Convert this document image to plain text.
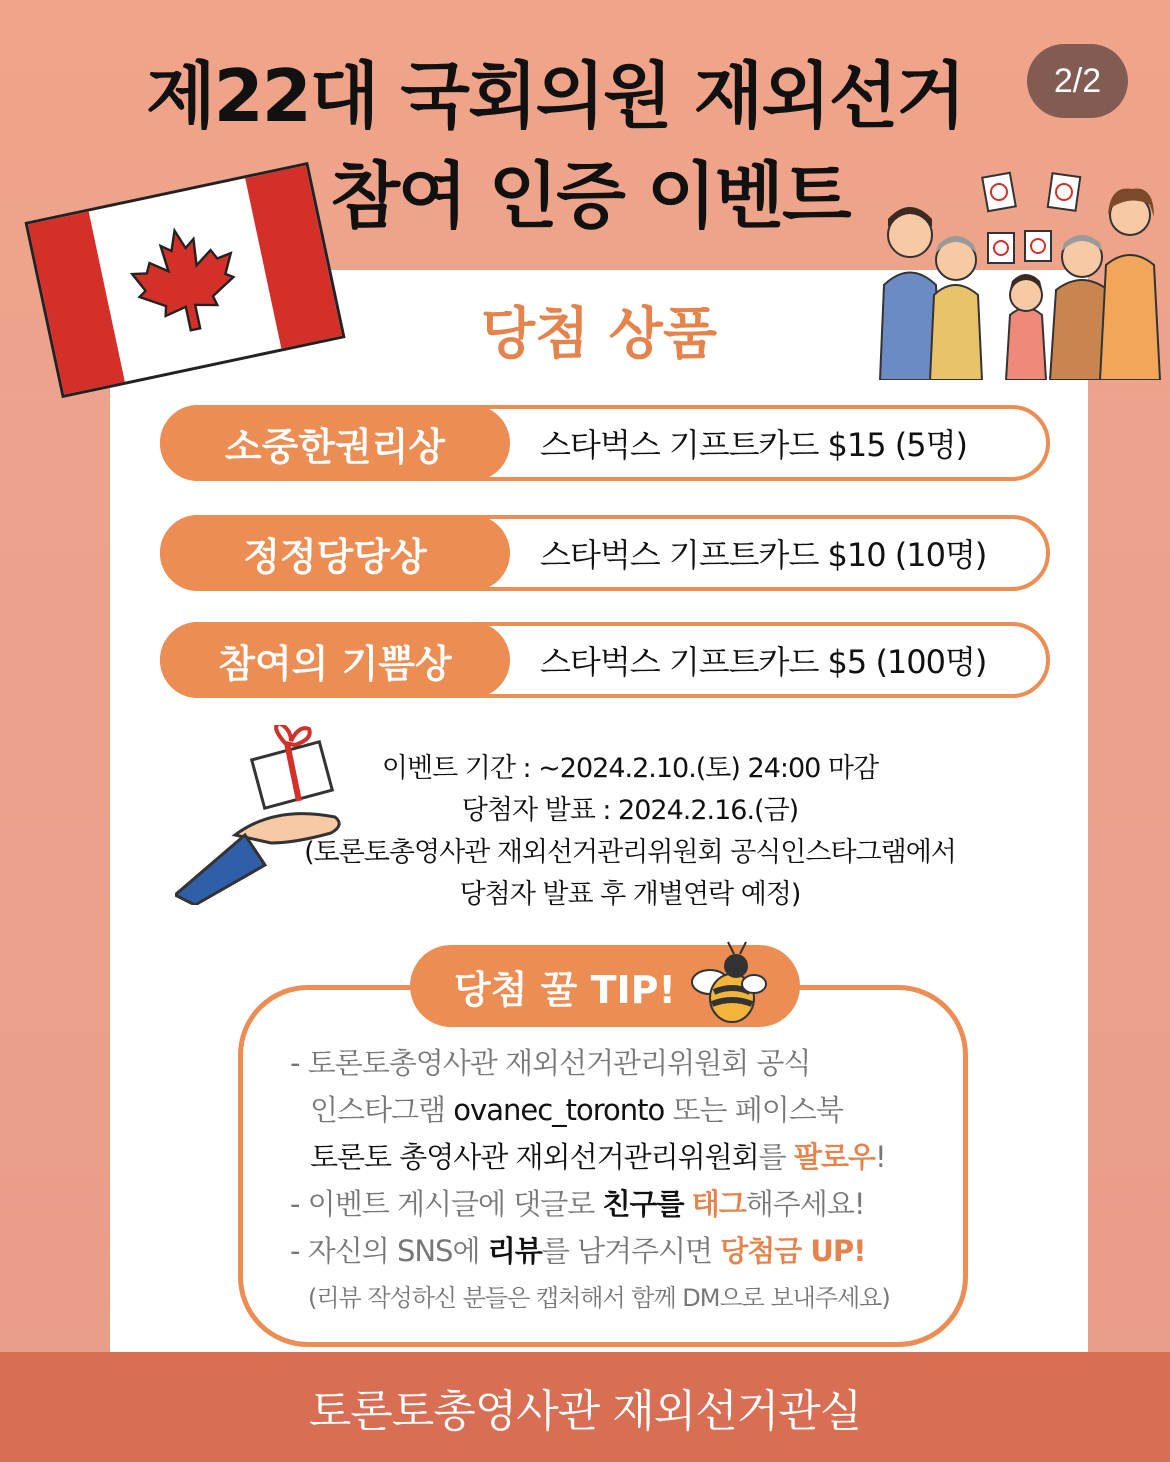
제22대 국회의원 재외선거
참여 인증 이벤트
2/2
당첨 상품
소중한권리상	스타벅스 기프트카드 $15 (5명)
정정당당상	스타벅스 기프트카드 $10 (10명)
참여의 기쁨상	스타벅스 기프트카드 $5 (100명)
이벤트 기간 : ~2024.2.10.(토) 24:00 마감
당첨자 발표 : 2024.2.16.(금)
(토론토총영사관 재외선거관리위원회 공식인스타그램에서
당첨자 발표 후 개별연락 예정)
당첨 꿀 TIP!
- 토론토총영사관 재외선거관리위원회 공식
인스타그램 ovanec_toronto 또는 페이스북
토론토 총영사관 재외선거관리위원회를 팔로우!
- 이벤트 게시글에 댓글로 친구를 태그해주세요!
- 자신의 SNS에 리뷰를 남겨주시면 당첨금 UP!
(리뷰 작성하신 분들은 캡처해서 함께 DM으로 보내주세요)
토론토총영사관 재외선거관실
